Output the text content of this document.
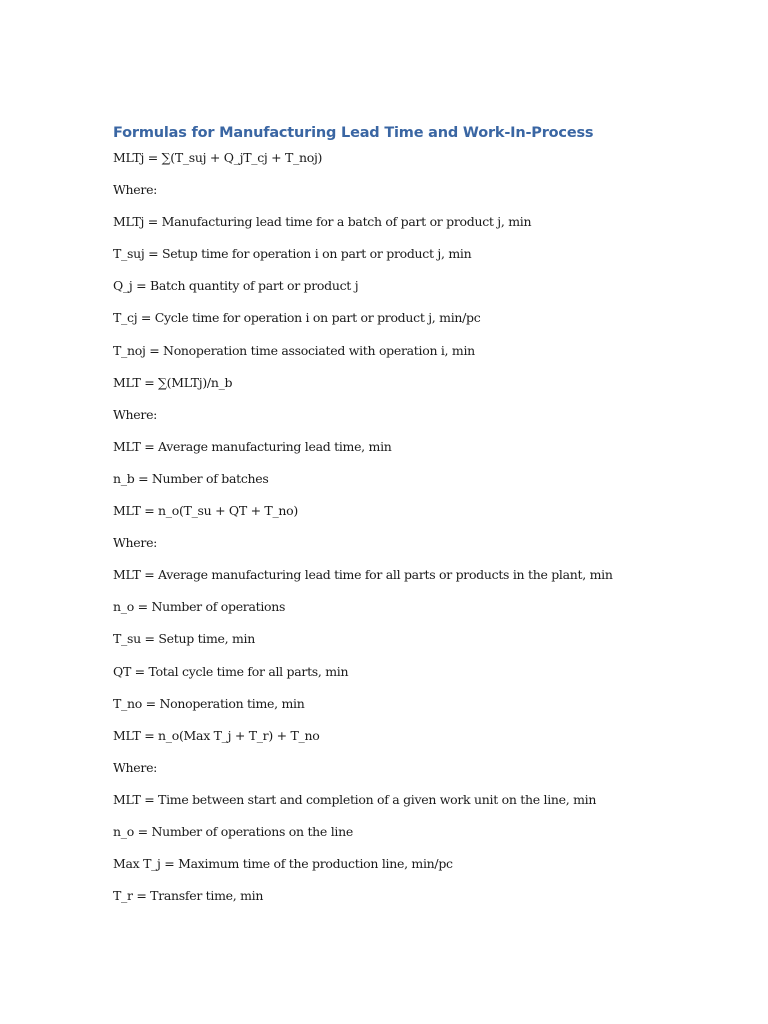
Formulas for Manufacturing Lead Time and Work-In-Process
MLTj = ∑(T_suj + Q_jT_cj + T_noj)
Where:
MLTj = Manufacturing lead time for a batch of part or product j, min
T_suj = Setup time for operation i on part or product j, min
Q_j = Batch quantity of part or product j
T_cj = Cycle time for operation i on part or product j, min/pc
T_noj = Nonoperation time associated with operation i, min
MLT = ∑(MLTj)/n_b
Where:
MLT = Average manufacturing lead time, min
n_b = Number of batches
MLT = n_o(T_su + QT + T_no)
Where:
MLT = Average manufacturing lead time for all parts or products in the plant, min
n_o = Number of operations
T_su = Setup time, min
QT = Total cycle time for all parts, min
T_no = Nonoperation time, min
MLT = n_o(Max T_j + T_r) + T_no
Where:
MLT = Time between start and completion of a given work unit on the line, min
n_o = Number of operations on the line
Max T_j = Maximum time of the production line, min/pc
T_r = Transfer time, min
